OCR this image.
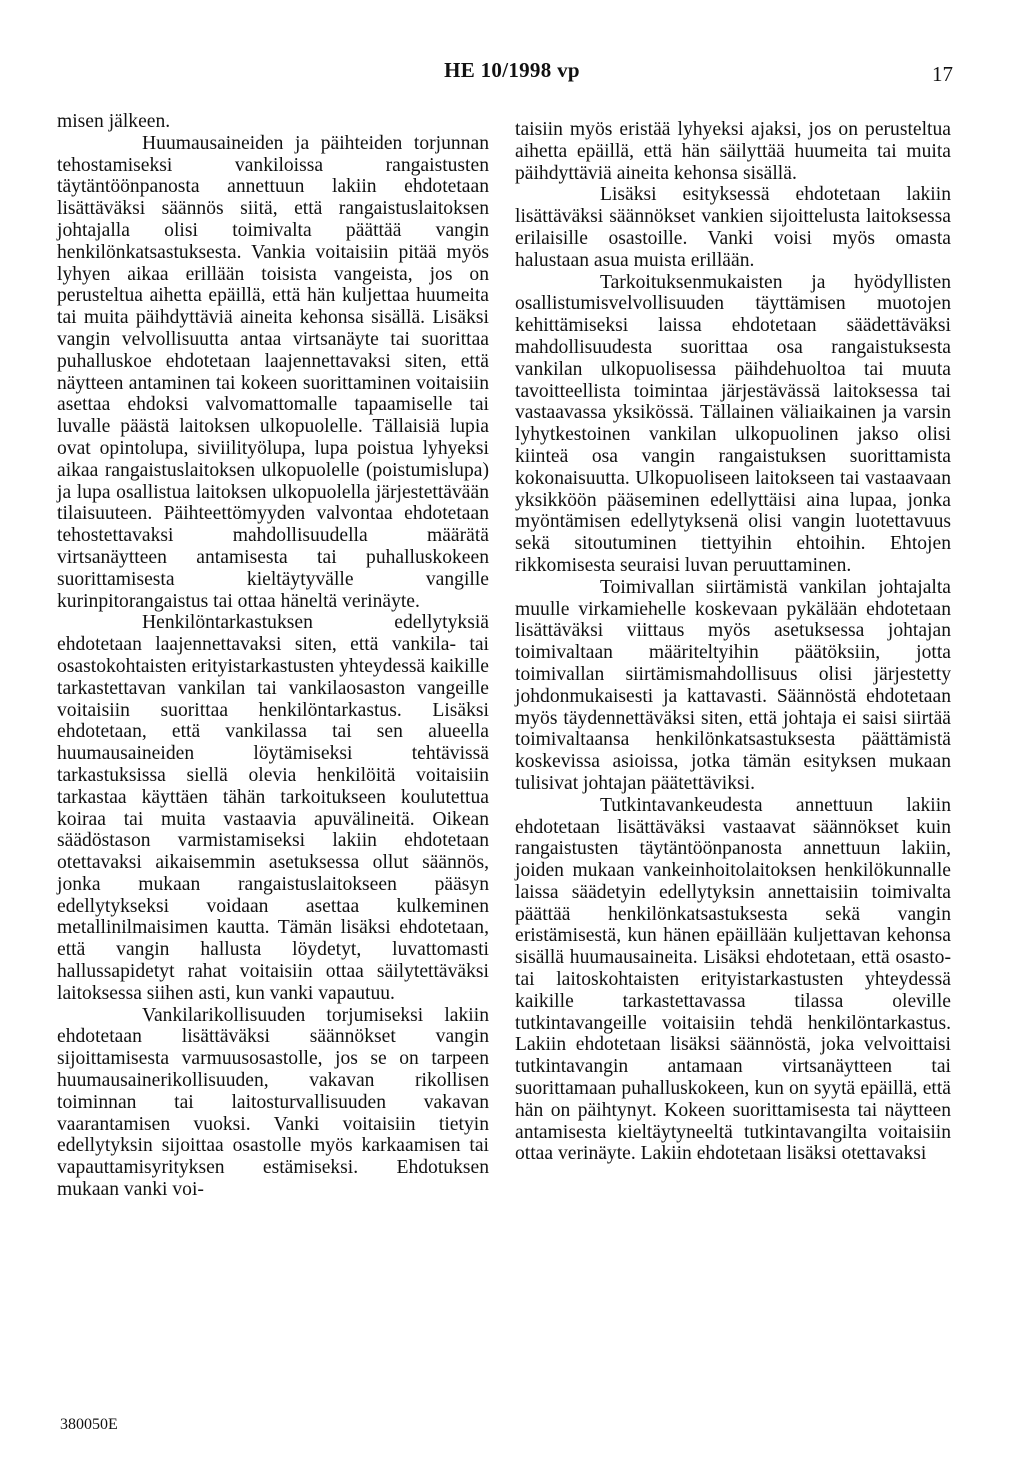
HE 10/1998 vp	17

misen jälkeen.

Huumausaineiden ja päihteiden torjunnan tehostamiseksi vankiloissa rangaistusten täytäntöönpanosta annettuun lakiin ehdotetaan lisättäväksi säännös siitä, että rangaistuslaitoksen johtajalla olisi toimivalta päättää vangin henkilönkatsastuksesta. Vankia voitaisiin pitää myös lyhyen aikaa erillään toisista vangeista, jos on perusteltua aihetta epäillä, että hän kuljettaa huumeita tai muita päihdyttäviä aineita kehonsa sisällä. Lisäksi vangin velvollisuutta antaa virtsanäyte tai suorittaa puhalluskoe ehdotetaan laajennettavaksi siten, että näytteen antaminen tai kokeen suorittaminen voitaisiin asettaa ehdoksi valvomattomalle tapaamiselle tai luvalle päästä laitoksen ulkopuolelle. Tällaisiä lupia ovat opintolupa, siviilityölupa, lupa poistua lyhyeksi aikaa rangaistuslaitoksen ulkopuolelle (poistumislupa) ja lupa osallistua laitoksen ulkopuolella järjestettävään tilaisuuteen. Päihteettömyyden valvontaa ehdotetaan tehostettavaksi mahdollisuudella määrätä virtsanäytteen antamisesta tai puhalluskokeen suorittamisesta kieltäytyvälle vangille kurinpitorangaistus tai ottaa häneltä verinäyte.

Henkilöntarkastuksen edellytyksiä ehdotetaan laajennettavaksi siten, että vankila- tai osastokohtaisten erityistarkastusten yhteydessä kaikille tarkastettavan vankilan tai vankilaosaston vangeille voitaisiin suorittaa henkilöntarkastus. Lisäksi ehdotetaan, että vankilassa tai sen alueella huumausaineiden löytämiseksi tehtävissä tarkastuksissa siellä olevia henkilöitä voitaisiin tarkastaa käyttäen tähän tarkoitukseen koulutettua koiraa tai muita vastaavia apuvälineitä. Oikean säädöstason varmistamiseksi lakiin ehdotetaan otettavaksi aikaisemmin asetuksessa ollut säännös, jonka mukaan rangaistuslaitokseen pääsyn edellytykseksi voidaan asettaa kulkeminen metallinilmaisimen kautta. Tämän lisäksi ehdotetaan, että vangin hallusta löydetyt, luvattomasti hallussapidetyt rahat voitaisiin ottaa säilytettäväksi laitoksessa siihen asti, kun vanki vapautuu.

Vankilarikollisuuden torjumiseksi lakiin ehdotetaan lisättäväksi säännökset vangin sijoittamisesta varmuusosastolle, jos se on tarpeen huumausainerikollisuuden, vakavan rikollisen toiminnan tai laitosturvallisuuden vakavan vaarantamisen vuoksi. Vanki voitaisiin tietyin edellytyksin sijoittaa osastolle myös karkaamisen tai vapauttamisyrityksen estämiseksi. Ehdotuksen mukaan vanki voi-

taisiin myös eristää lyhyeksi ajaksi, jos on perusteltua aihetta epäillä, että hän säilyttää huumeita tai muita päihdyttäviä aineita kehonsa sisällä.

Lisäksi esityksessä ehdotetaan lakiin lisättäväksi säännökset vankien sijoittelusta laitoksessa erilaisille osastoille. Vanki voisi myös omasta halustaan asua muista erillään.

Tarkoituksenmukaisten ja hyödyllisten osallistumisvelvollisuuden täyttämisen muotojen kehittämiseksi laissa ehdotetaan säädettäväksi mahdollisuudesta suorittaa osa rangaistuksesta vankilan ulkopuolisessa päihdehuoltoa tai muuta tavoitteellista toimintaa järjestävässä laitoksessa tai vastaavassa yksikössä. Tällainen väliaikainen ja varsin lyhytkestoinen vankilan ulkopuolinen jakso olisi kiinteä osa vangin rangaistuksen suorittamista kokonaisuutta. Ulkopuoliseen laitokseen tai vastaavaan yksikköön pääseminen edellyttäisi aina lupaa, jonka myöntämisen edellytyksenä olisi vangin luotettavuus sekä sitoutuminen tiettyihin ehtoihin. Ehtojen rikkomisesta seuraisi luvan peruuttaminen.

Toimivallan siirtämistä vankilan johtajalta muulle virkamiehelle koskevaan pykälään ehdotetaan lisättäväksi viittaus myös asetuksessa johtajan toimivaltaan määriteltyihin päätöksiin, jotta toimivallan siirtämismahdollisuus olisi järjestetty johdonmukaisesti ja kattavasti. Säännöstä ehdotetaan myös täydennettäväksi siten, että johtaja ei saisi siirtää toimivaltaansa henkilönkatsastuksesta päättämistä koskevissa asioissa, jotka tämän esityksen mukaan tulisivat johtajan päätettäviksi.

Tutkintavankeudesta annettuun lakiin ehdotetaan lisättäväksi vastaavat säännökset kuin rangaistusten täytäntöönpanosta annettuun lakiin, joiden mukaan vankeinhoitolaitoksen henkilökunnalle laissa säädetyin edellytyksin annettaisiin toimivalta päättää henkilönkatsastuksesta sekä vangin eristämisestä, kun hänen epäillään kuljettavan kehonsa sisällä huumausaineita. Lisäksi ehdotetaan, että osasto- tai laitoskohtaisten erityistarkastusten yhteydessä kaikille tarkastettavassa tilassa oleville tutkintavangeille voitaisiin tehdä henkilöntarkastus. Lakiin ehdotetaan lisäksi säännöstä, joka velvoittaisi tutkintavangin antamaan virtsanäytteen tai suorittamaan puhalluskokeen, kun on syytä epäillä, että hän on päihtynyt. Kokeen suorittamisesta tai näytteen antamisesta kieltäytyneeltä tutkintavangilta voitaisiin ottaa verinäyte. Lakiin ehdotetaan lisäksi otettavaksi

380050E
